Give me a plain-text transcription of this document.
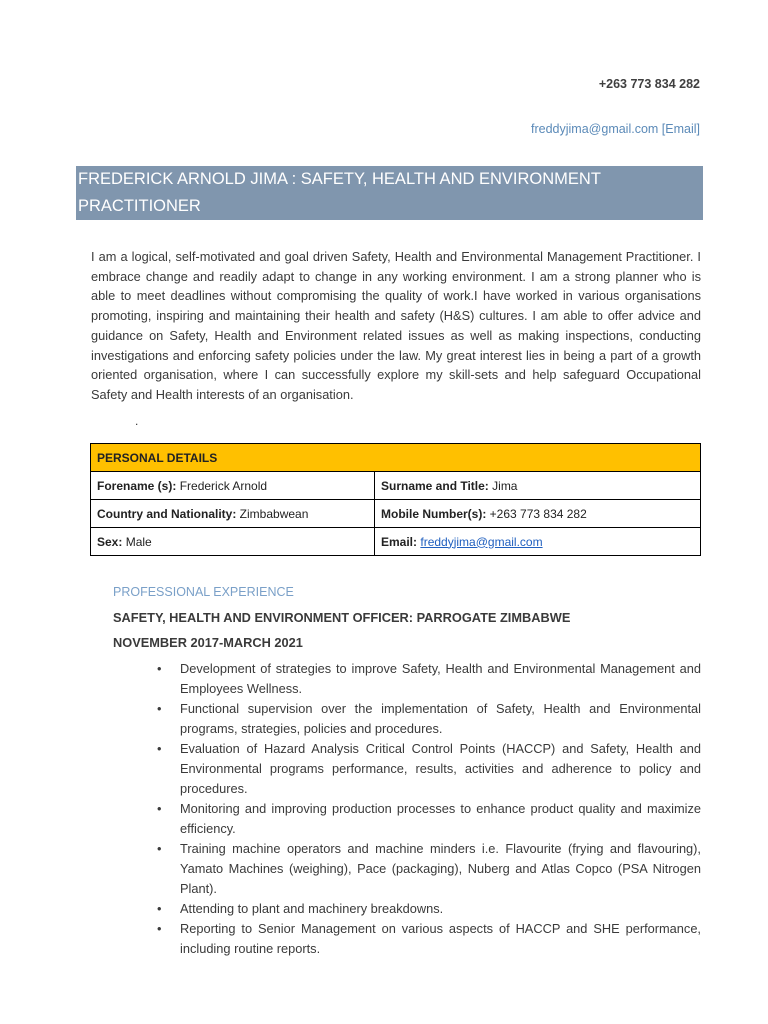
+263 773 834 282
freddyjima@gmail.com [Email]
FREDERICK ARNOLD JIMA : SAFETY, HEALTH AND ENVIRONMENT
PRACTITIONER

I am a logical, self-motivated and goal driven Safety, Health and Environmental Management Practitioner. I embrace change and readily adapt to change in any working environment. I am a strong planner who is able to meet deadlines without compromising the quality of work.I have worked in various organisations promoting, inspiring and maintaining their health and safety (H&S) cultures. I am able to offer advice and guidance on Safety, Health and Environment related issues as well as making inspections, conducting investigations and enforcing safety policies under the law. My great interest lies in being a part of a growth oriented organisation, where I can successfully explore my skill-sets and help safeguard Occupational Safety and Health interests of an organisation.

.
PERSONAL DETAILS	
Forename (s): Frederick Arnold	Surname and Title: Jima
Country and Nationality: Zimbabwean	Mobile Number(s): +263 773 834 282
Sex: Male	Email: freddyjima@gmail.com
PROFESSIONAL EXPERIENCE
SAFETY, HEALTH AND ENVIRONMENT OFFICER: PARROGATE ZIMBABWE
NOVEMBER 2017-MARCH 2021
• Development of strategies to improve Safety, Health and Environmental Management and Employees Wellness.
• Functional supervision over the implementation of Safety, Health and Environmental programs, strategies, policies and procedures.
• Evaluation of Hazard Analysis Critical Control Points (HACCP) and Safety, Health and Environmental programs performance, results, activities and adherence to policy and procedures.
• Monitoring and improving production processes to enhance product quality and maximize efficiency.
• Training machine operators and machine minders i.e. Flavourite (frying and flavouring), Yamato Machines (weighing), Pace (packaging), Nuberg and Atlas Copco (PSA Nitrogen Plant).
• Attending to plant and machinery breakdowns.
• Reporting to Senior Management on various aspects of HACCP and SHE performance, including routine reports.
